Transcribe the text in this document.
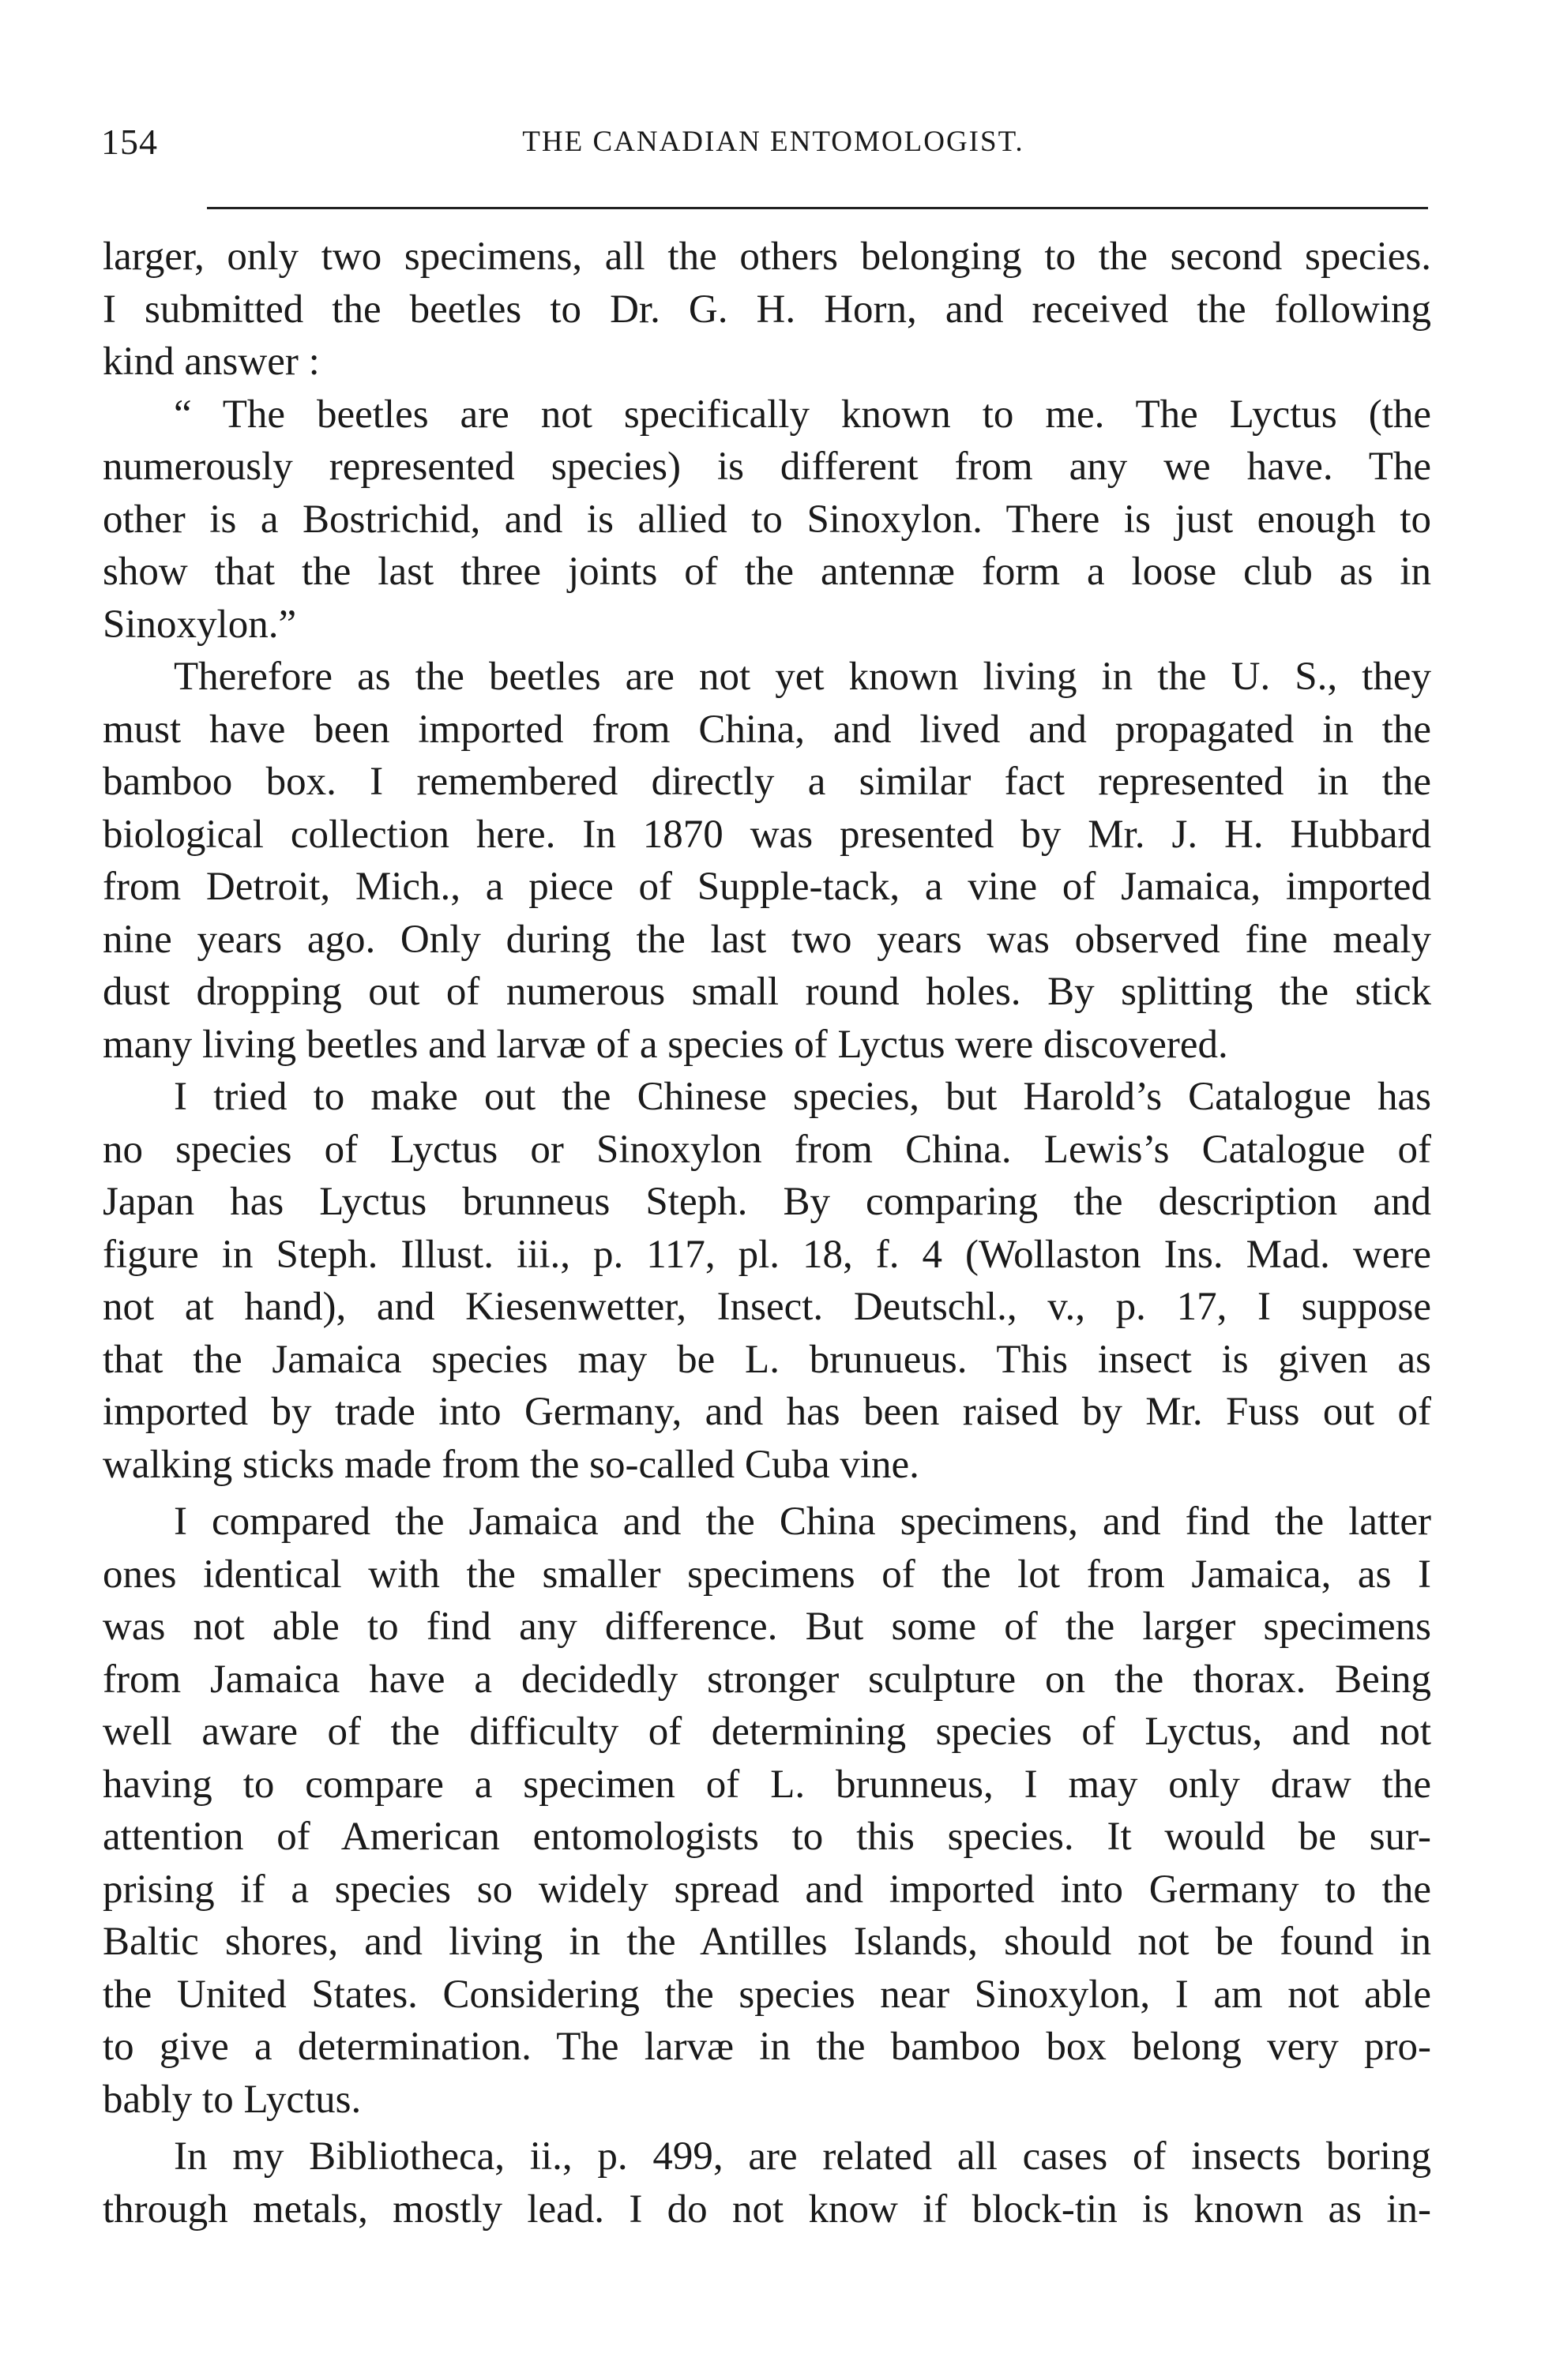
154	THE CANADIAN ENTOMOLOGIST.
larger, only two specimens, all the others belonging to the second species.
I submitted the beetles to Dr. G. H. Horn, and received the following
kind answer :
“ The beetles are not specifically known to me. The Lyctus (the
numerously represented species) is different from any we have. The
other is a Bostrichid, and is allied to Sinoxylon. There is just enough to
show that the last three joints of the antennæ form a loose club as in
Sinoxylon.”
Therefore as the beetles are not yet known living in the U. S., they
must have been imported from China, and lived and propagated in the
bamboo box. I remembered directly a similar fact represented in the
biological collection here. In 1870 was presented by Mr. J. H. Hubbard
from Detroit, Mich., a piece of Supple-tack, a vine of Jamaica, imported
nine years ago. Only during the last two years was observed fine mealy
dust dropping out of numerous small round holes. By splitting the stick
many living beetles and larvæ of a species of Lyctus were discovered.
I tried to make out the Chinese species, but Harold’s Catalogue has
no species of Lyctus or Sinoxylon from China. Lewis’s Catalogue of
Japan has Lyctus brunneus Steph. By comparing the description and
figure in Steph. Illust. iii., p. 117, pl. 18, f. 4 (Wollaston Ins. Mad. were
not at hand), and Kiesenwetter, Insect. Deutschl., v., p. 17, I suppose
that the Jamaica species may be L. brunueus. This insect is given as
imported by trade into Germany, and has been raised by Mr. Fuss out of
walking sticks made from the so-called Cuba vine.
I compared the Jamaica and the China specimens, and find the latter
ones identical with the smaller specimens of the lot from Jamaica, as I
was not able to find any difference. But some of the larger specimens
from Jamaica have a decidedly stronger sculpture on the thorax. Being
well aware of the difficulty of determining species of Lyctus, and not
having to compare a specimen of L. brunneus, I may only draw the
attention of American entomologists to this species. It would be sur-
prising if a species so widely spread and imported into Germany to the
Baltic shores, and living in the Antilles Islands, should not be found in
the United States. Considering the species near Sinoxylon, I am not able
to give a determination. The larvæ in the bamboo box belong very pro-
bably to Lyctus.
In my Bibliotheca, ii., p. 499, are related all cases of insects boring
through metals, mostly lead. I do not know if block-tin is known as in-
